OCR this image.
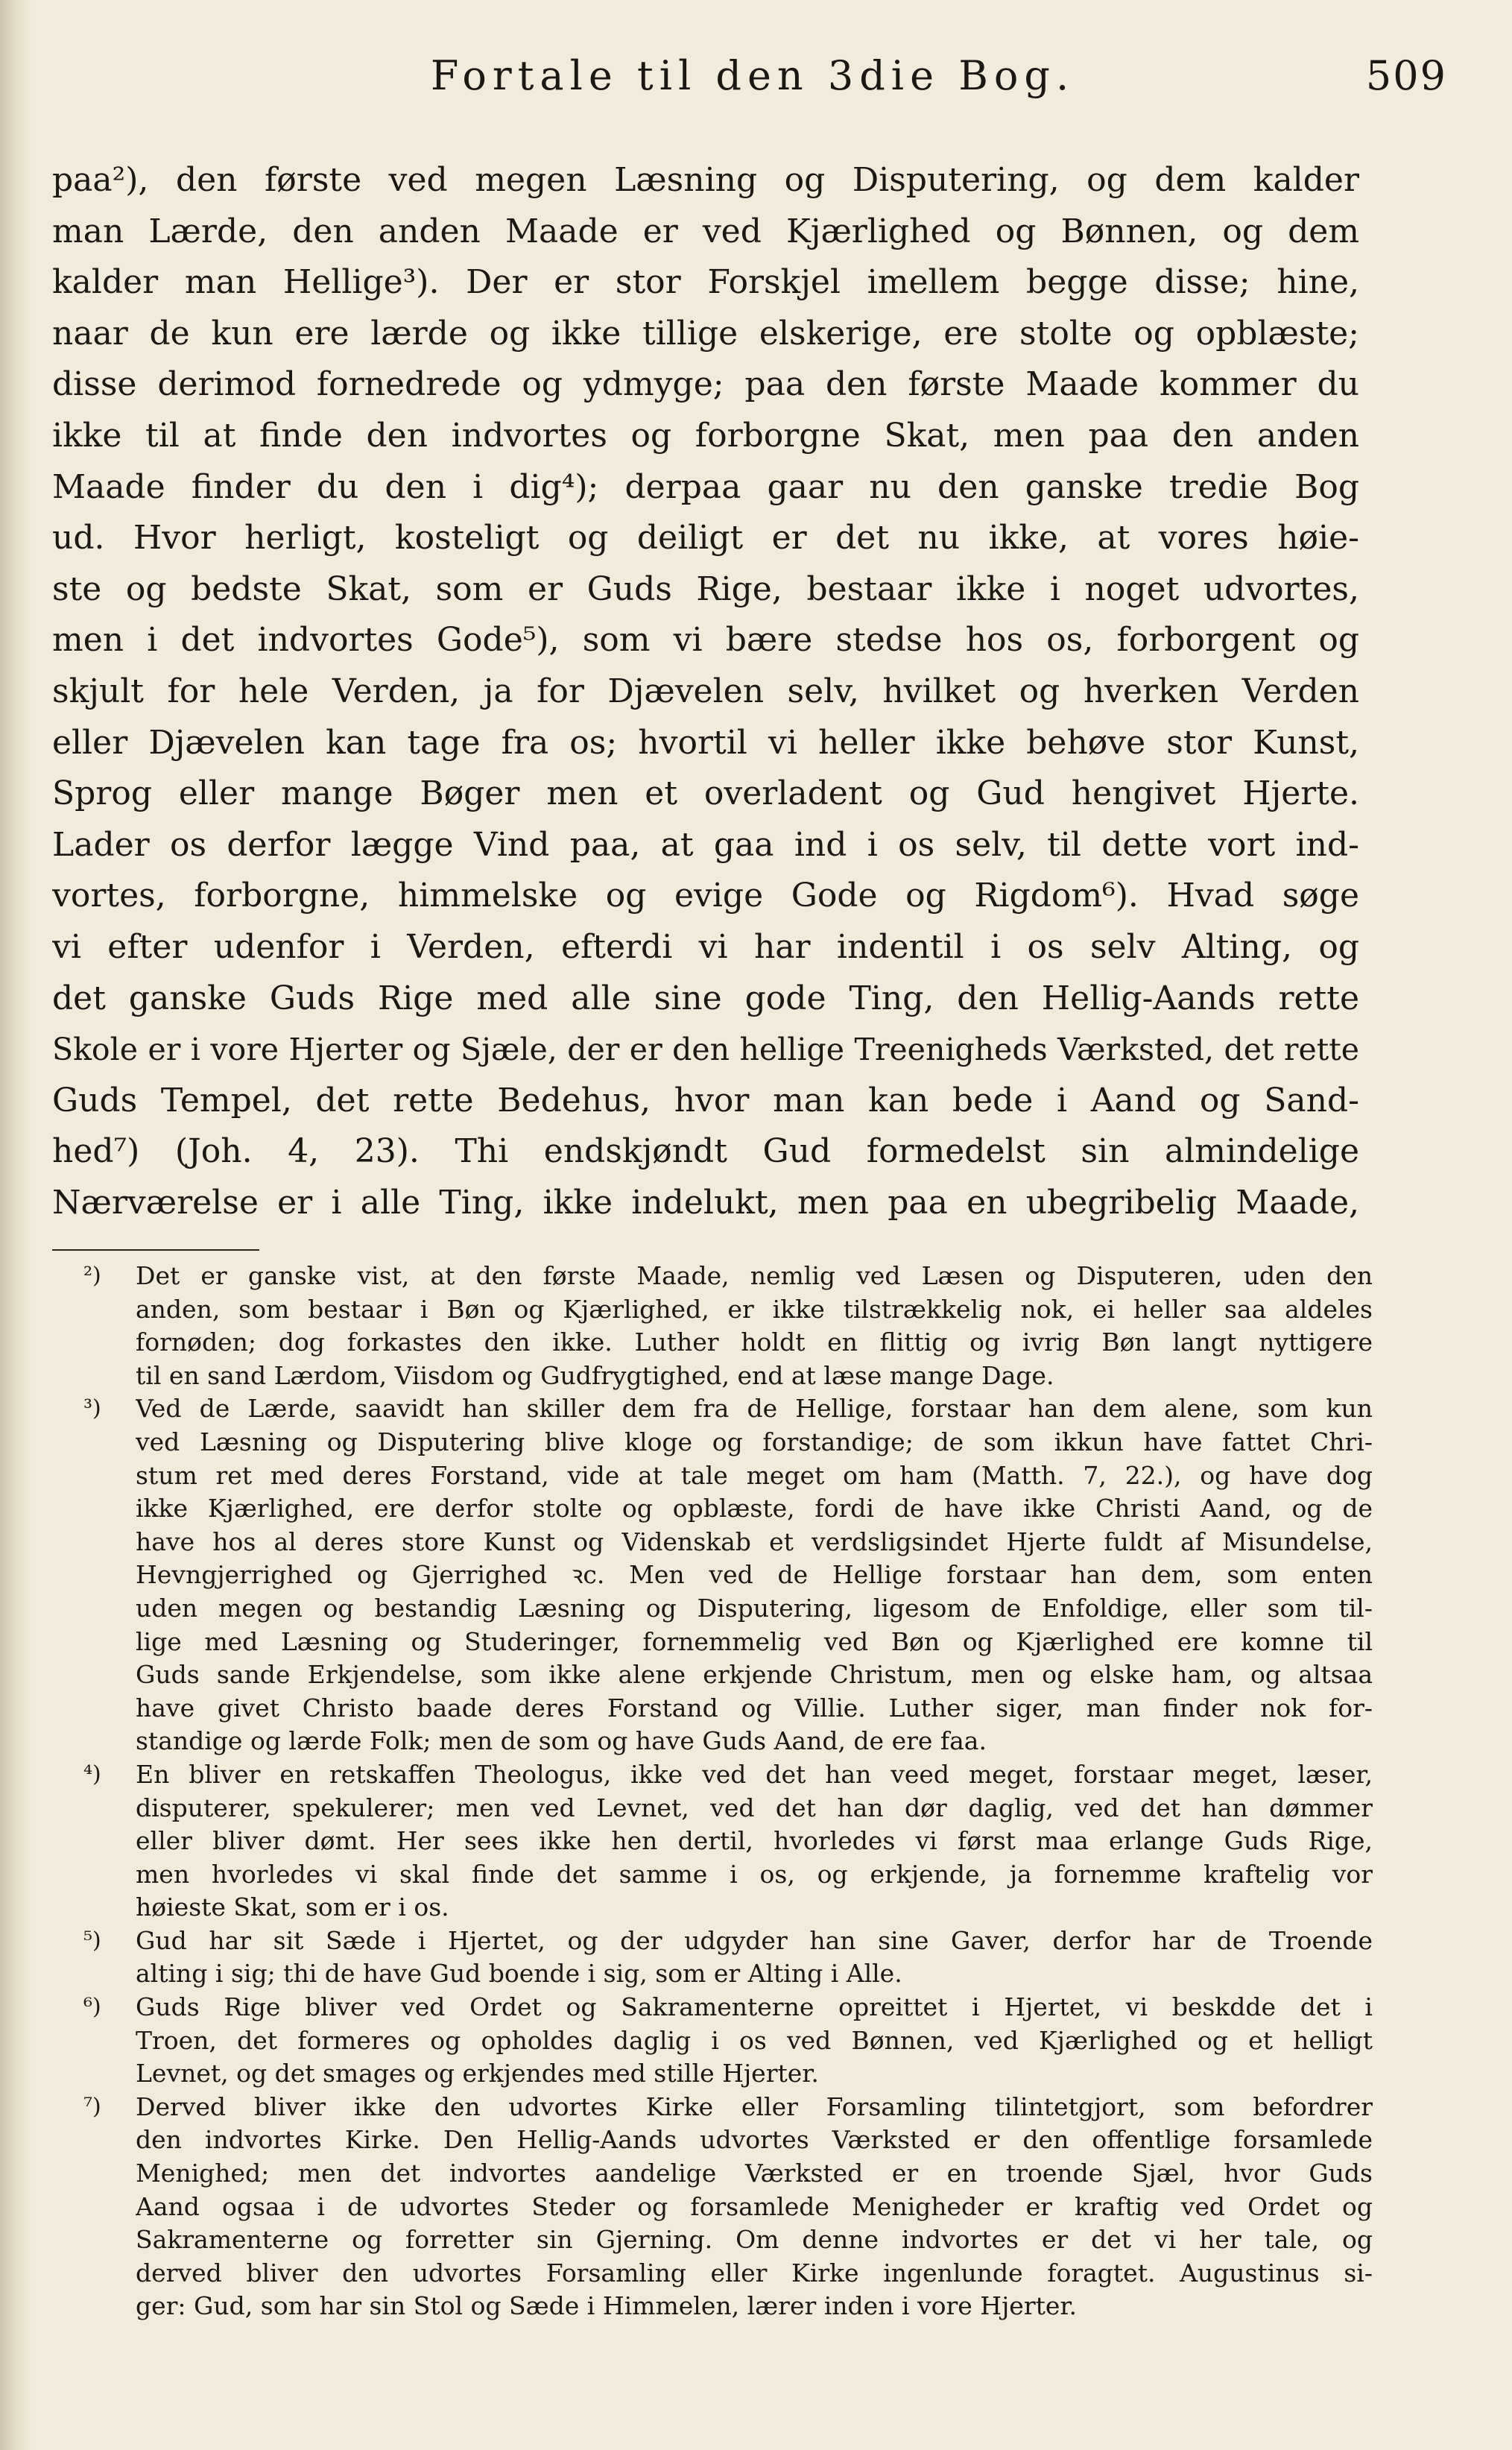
Fortale til den 3die Bog.	509
paa²), den første ved megen Læsning og Disputering, og dem kalder
man Lærde, den anden Maade er ved Kjærlighed og Bønnen, og dem
kalder man Hellige³). Der er stor Forskjel imellem begge disse; hine,
naar de kun ere lærde og ikke tillige elskerige, ere stolte og opblæste;
disse derimod fornedrede og ydmyge; paa den første Maade kommer du
ikke til at finde den indvortes og forborgne Skat, men paa den anden
Maade finder du den i dig⁴); derpaa gaar nu den ganske tredie Bog
ud. Hvor herligt, kosteligt og deiligt er det nu ikke, at vores høie-
ste og bedste Skat, som er Guds Rige, bestaar ikke i noget udvortes,
men i det indvortes Gode⁵), som vi bære stedse hos os, forborgent og
skjult for hele Verden, ja for Djævelen selv, hvilket og hverken Verden
eller Djævelen kan tage fra os; hvortil vi heller ikke behøve stor Kunst,
Sprog eller mange Bøger men et overladent og Gud hengivet Hjerte.
Lader os derfor lægge Vind paa, at gaa ind i os selv, til dette vort ind-
vortes, forborgne, himmelske og evige Gode og Rigdom⁶). Hvad søge
vi efter udenfor i Verden, efterdi vi har indentil i os selv Alting, og
det ganske Guds Rige med alle sine gode Ting, den Hellig-Aands rette
Skole er i vore Hjerter og Sjæle, der er den hellige Treenigheds Værksted, det rette
Guds Tempel, det rette Bedehus, hvor man kan bede i Aand og Sand-
hed⁷) (Joh. 4, 23). Thi endskjøndt Gud formedelst sin almindelige
Nærværelse er i alle Ting, ikke indelukt, men paa en ubegribelig Maade,
²) Det er ganske vist, at den første Maade, nemlig ved Læsen og Disputeren, uden den
anden, som bestaar i Bøn og Kjærlighed, er ikke tilstrækkelig nok, ei heller saa aldeles
fornøden; dog forkastes den ikke. Luther holdt en flittig og ivrig Bøn langt nyttigere
til en sand Lærdom, Viisdom og Gudfrygtighed, end at læse mange Dage.
³) Ved de Lærde, saavidt han skiller dem fra de Hellige, forstaar han dem alene, som kun
ved Læsning og Disputering blive kloge og forstandige; de som ikkun have fattet Chri-
stum ret med deres Forstand, vide at tale meget om ham (Matth. 7, 22.), og have dog
ikke Kjærlighed, ere derfor stolte og opblæste, fordi de have ikke Christi Aand, og de
have hos al deres store Kunst og Videnskab et verdsligsindet Hjerte fuldt af Misundelse,
Hevngjerrighed og Gjerrighed ꝛc. Men ved de Hellige forstaar han dem, som enten
uden megen og bestandig Læsning og Disputering, ligesom de Enfoldige, eller som til-
lige med Læsning og Studeringer, fornemmelig ved Bøn og Kjærlighed ere komne til
Guds sande Erkjendelse, som ikke alene erkjende Christum, men og elske ham, og altsaa
have givet Christo baade deres Forstand og Villie. Luther siger, man finder nok for-
standige og lærde Folk; men de som og have Guds Aand, de ere faa.
⁴) En bliver en retskaffen Theologus, ikke ved det han veed meget, forstaar meget, læser,
disputerer, spekulerer; men ved Levnet, ved det han dør daglig, ved det han dømmer
eller bliver dømt. Her sees ikke hen dertil, hvorledes vi først maa erlange Guds Rige,
men hvorledes vi skal finde det samme i os, og erkjende, ja fornemme kraftelig vor
høieste Skat, som er i os.
⁵) Gud har sit Sæde i Hjertet, og der udgyder han sine Gaver, derfor har de Troende
alting i sig; thi de have Gud boende i sig, som er Alting i Alle.
⁶) Guds Rige bliver ved Ordet og Sakramenterne opreittet i Hjertet, vi beskdde det i
Troen, det formeres og opholdes daglig i os ved Bønnen, ved Kjærlighed og et helligt
Levnet, og det smages og erkjendes med stille Hjerter.
⁷) Derved bliver ikke den udvortes Kirke eller Forsamling tilintetgjort, som befordrer
den indvortes Kirke. Den Hellig-Aands udvortes Værksted er den offentlige forsamlede
Menighed; men det indvortes aandelige Værksted er en troende Sjæl, hvor Guds
Aand ogsaa i de udvortes Steder og forsamlede Menigheder er kraftig ved Ordet og
Sakramenterne og forretter sin Gjerning. Om denne indvortes er det vi her tale, og
derved bliver den udvortes Forsamling eller Kirke ingenlunde foragtet. Augustinus si-
ger: Gud, som har sin Stol og Sæde i Himmelen, lærer inden i vore Hjerter.
